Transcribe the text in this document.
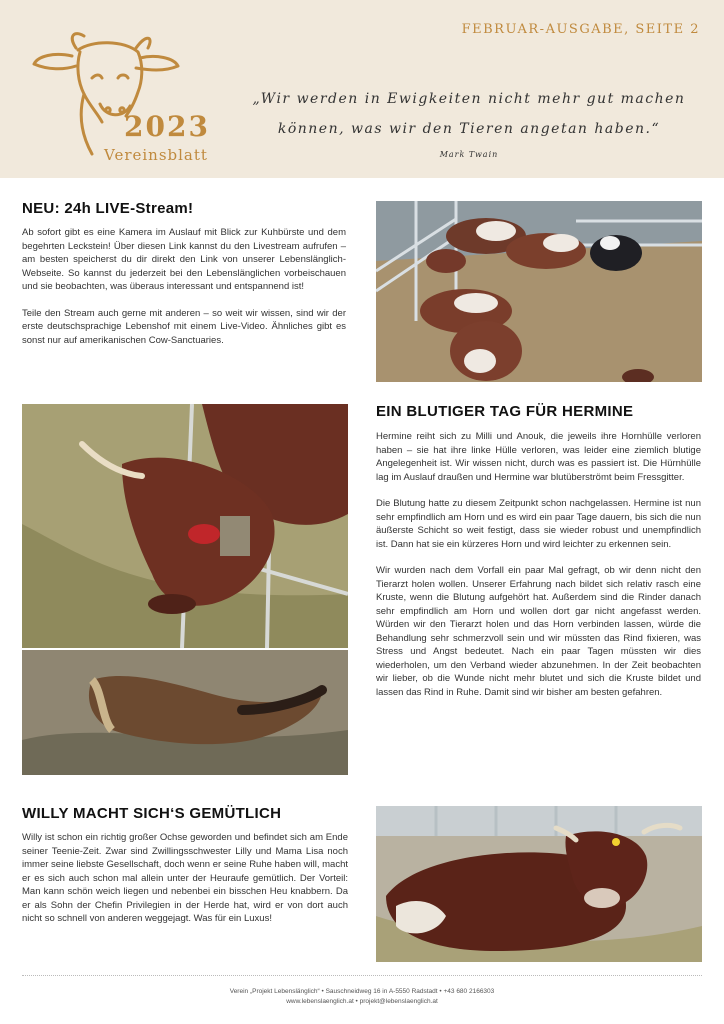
FEBRUAR-AUSGABE, SEITE 2
2023
Vereinsblatt
„Wir werden in Ewigkeiten nicht mehr gut machen
können, was wir den Tieren angetan haben.“
Mark Twain
NEU: 24h LIVE-Stream!

Ab sofort gibt es eine Kamera im Auslauf mit Blick zur Kuhbürste und dem begehrten Leckstein! Über diesen Link kannst du den Livestream aufrufen – am besten speicherst du dir direkt den Link von unserer Lebenslänglich-Webseite. So kannst du jederzeit bei den Lebenslänglichen vorbeischauen und sie beobachten, was überaus interessant und entspannend ist!

Teile den Stream auch gerne mit anderen – so weit wir wissen, sind wir der erste deutschsprachige Lebenshof mit einem Live-Video. Ähnliches gibt es sonst nur auf amerikanischen Cow-Sanctuaries.

EIN BLUTIGER TAG FÜR HERMINE

Hermine reiht sich zu Milli und Anouk, die jeweils ihre Hornhülle verloren haben – sie hat ihre linke Hülle verloren, was leider eine ziemlich blutige Angelegenheit ist. Wir wissen nicht, durch was es passiert ist. Die Hürnhülle lag im Auslauf draußen und Hermine war blutüberströmt beim Fressgitter.

Die Blutung hatte zu diesem Zeitpunkt schon nachgelassen. Hermine ist nun sehr empfindlich am Horn und es wird ein paar Tage dauern, bis sich die nun äußerste Schicht so weit festigt, dass sie wieder robust und unempfindlich ist. Dann hat sie ein kürzeres Horn und wird leichter zu erkennen sein.

Wir wurden nach dem Vorfall ein paar Mal gefragt, ob wir denn nicht den Tierarzt holen wollen. Unserer Erfahrung nach bildet sich relativ rasch eine Kruste, wenn die Blutung aufgehört hat. Außerdem sind die Rinder danach sehr empfindlich am Horn und wollen dort gar nicht angefasst werden. Würden wir den Tierarzt holen und das Horn verbinden lassen, würde die Behandlung sehr schmerzvoll sein und wir müssten das Rind fixieren, was Stress und Angst bedeutet. Nach ein paar Tagen müssten wir dies wiederholen, um den Verband wieder abzunehmen. In der Zeit beobachten wir lieber, ob die Wunde nicht mehr blutet und sich die Kruste bildet und lassen das Rind in Ruhe. Damit sind wir bisher am besten gefahren.

WILLY MACHT SICH‘S GEMÜTLICH

Willy ist schon ein richtig großer Ochse geworden und befindet sich am Ende seiner Teenie-Zeit. Zwar sind Zwillingsschwester Lilly und Mama Lisa noch immer seine liebste Gesellschaft, doch wenn er seine Ruhe haben will, macht er es sich auch schon mal allein unter der Heuraufe gemütlich. Der Vorteil: Man kann schön weich liegen und nebenbei ein bisschen Heu knabbern. Da er als Sohn der Chefin Privilegien in der Herde hat, wird er von dort auch nicht so schnell von anderen weggejagt. Was für ein Luxus!

Verein „Projekt Lebenslänglich“ • Sauschneidweg 16 in A-5550 Radstadt • +43 680 2166303
www.lebenslaenglich.at • projekt@lebenslaenglich.at
